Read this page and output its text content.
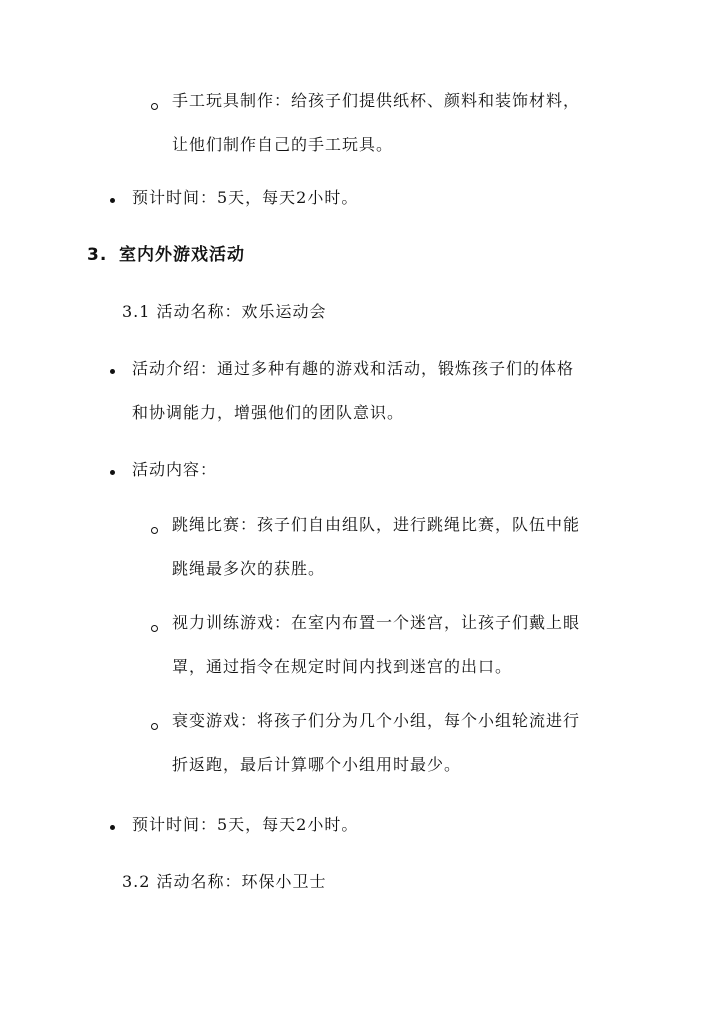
手工玩具制作：给孩子们提供纸杯、颜料和装饰材料，
让他们制作自己的手工玩具。
预计时间：5天，每天2小时。
3. 室内外游戏活动
3.1 活动名称：欢乐运动会
活动介绍：通过多种有趣的游戏和活动，锻炼孩子们的体格
和协调能力，增强他们的团队意识。
活动内容：
跳绳比赛：孩子们自由组队，进行跳绳比赛，队伍中能
跳绳最多次的获胜。
视力训练游戏：在室内布置一个迷宫，让孩子们戴上眼
罩，通过指令在规定时间内找到迷宫的出口。
衰变游戏：将孩子们分为几个小组，每个小组轮流进行
折返跑，最后计算哪个小组用时最少。
预计时间：5天，每天2小时。
3.2 活动名称：环保小卫士
